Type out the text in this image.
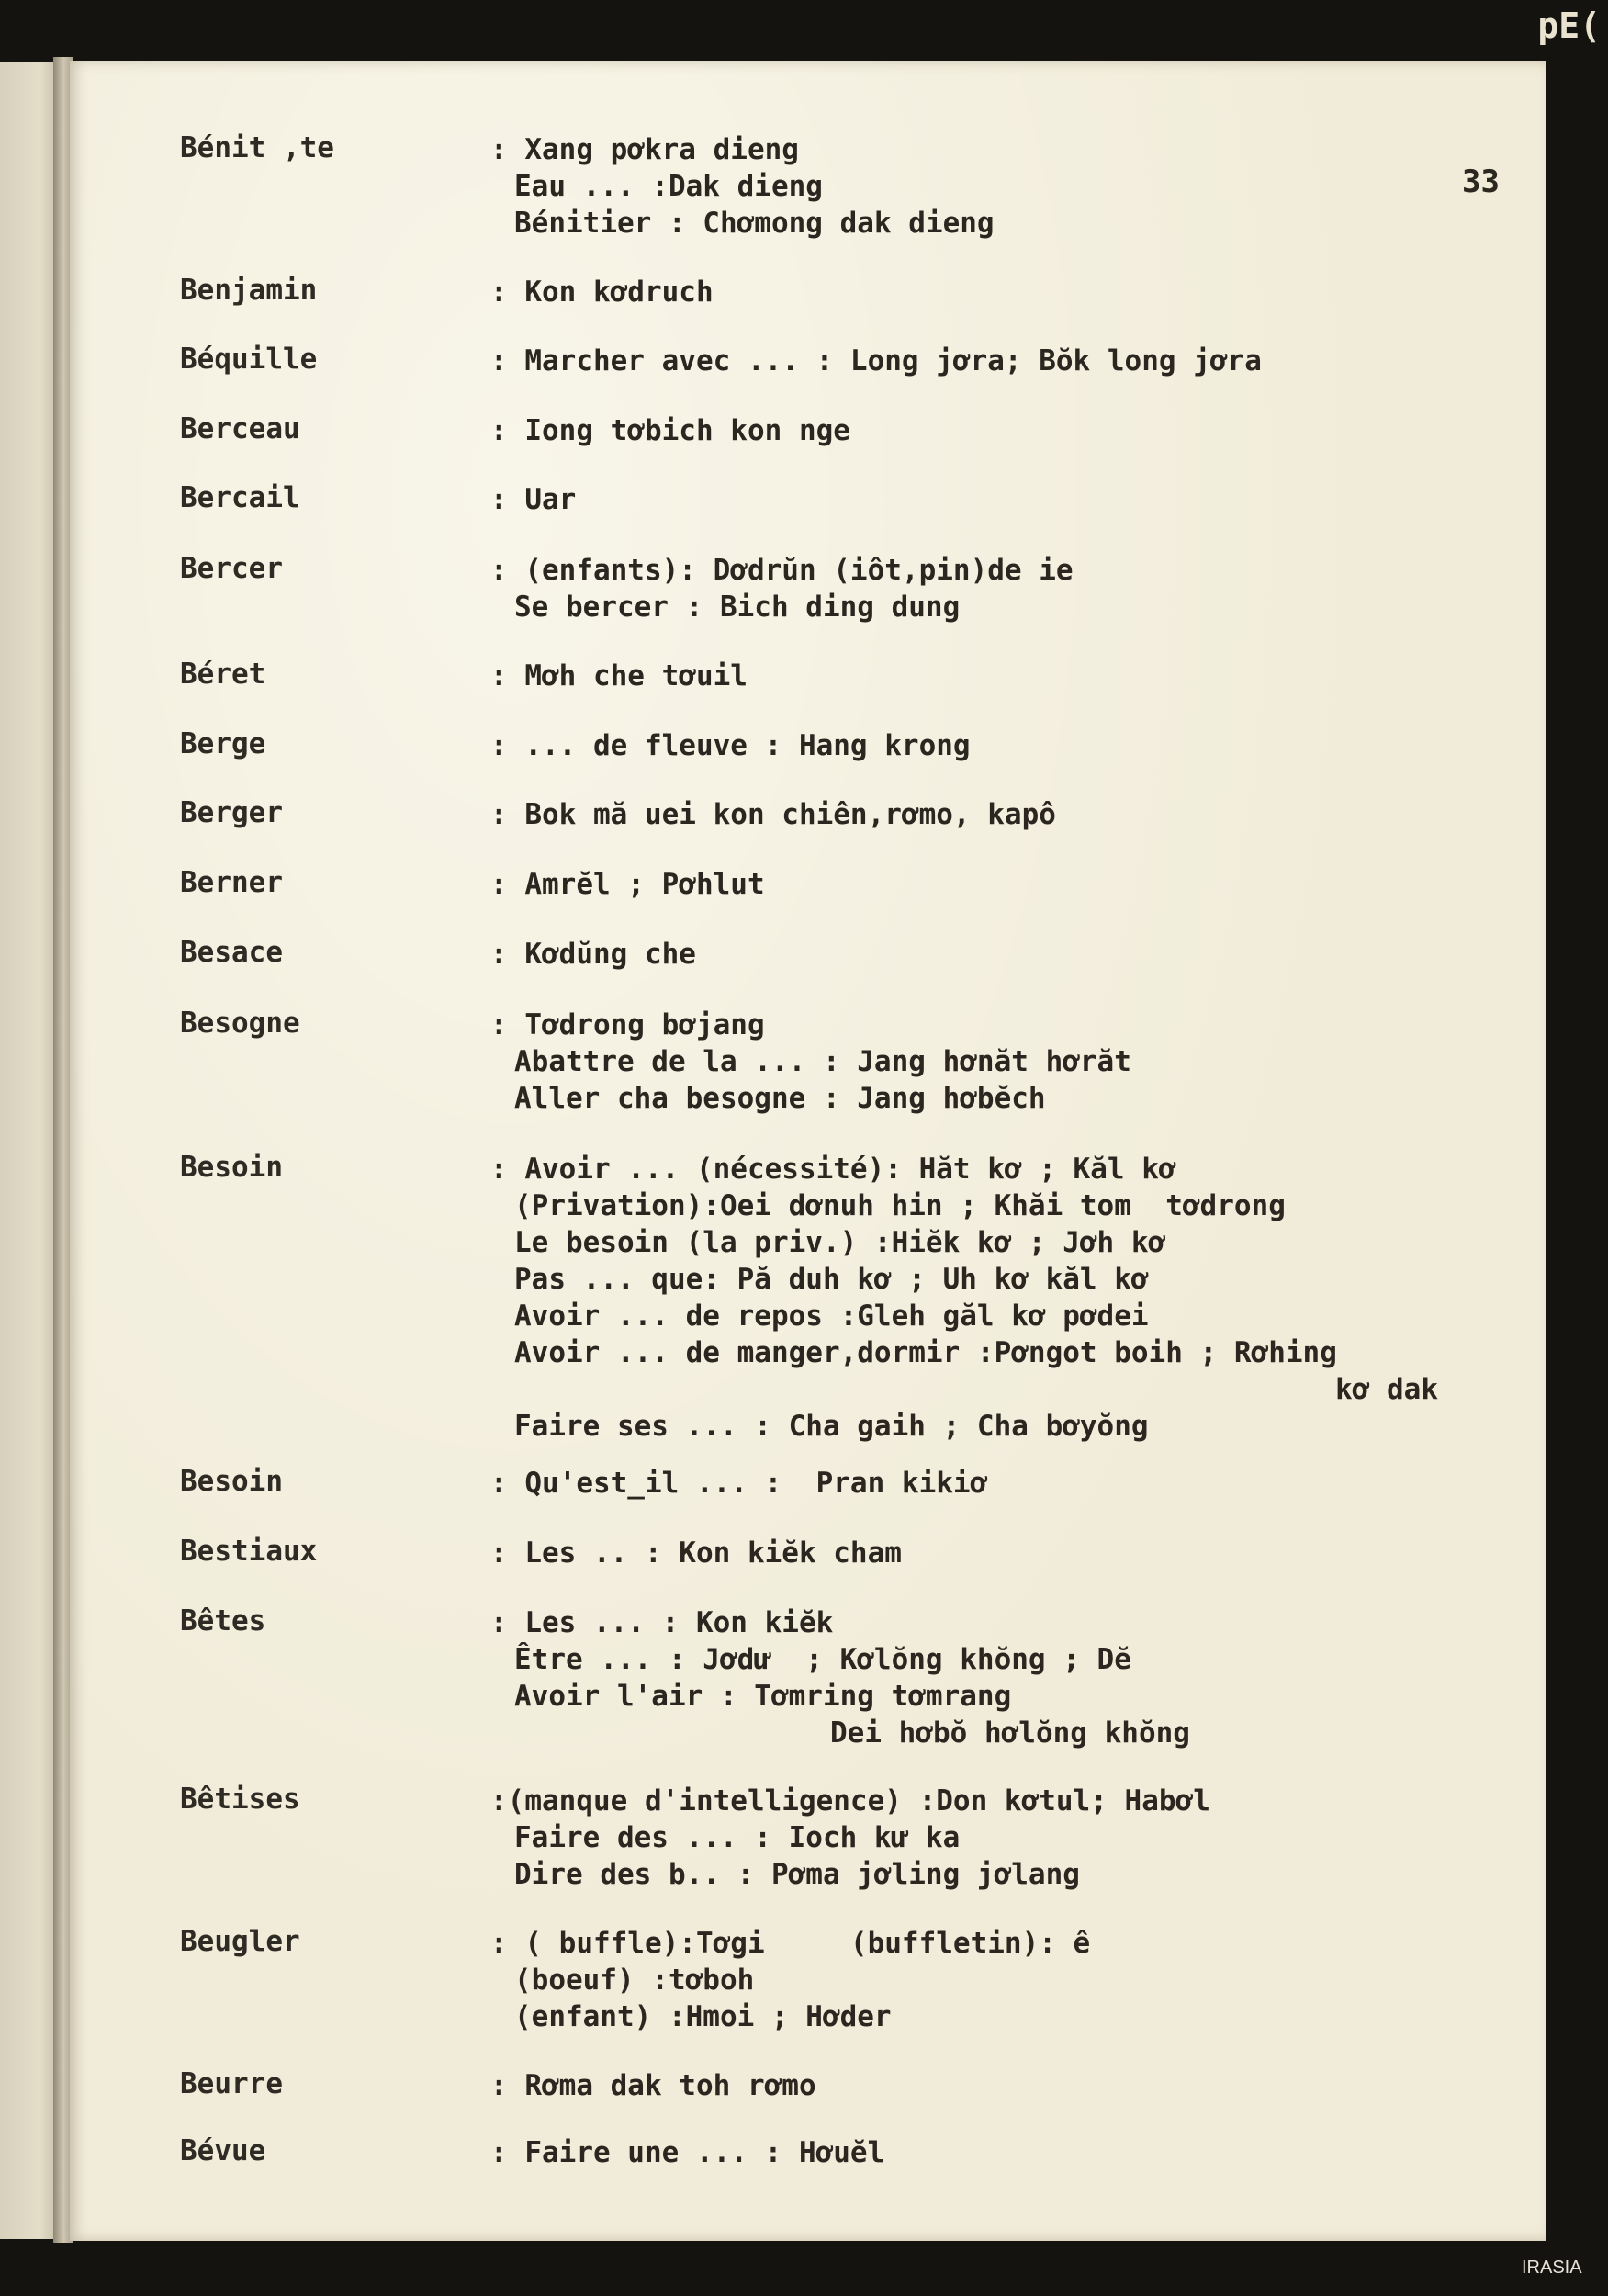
pE(
33
Bénit ,te	: Xang pơkra dieng
Eau ... :Dak dieng
Bénitier : Chơmong dak dieng
Benjamin	: Kon kơdruch
Béquille	: Marcher avec ... : Long jơra; Bŏk long jơra
Berceau	: Iong tơbich kon nge
Bercail	: Uar
Bercer	: (enfants): Dơdrŭn (iôt,pin)de ie
Se bercer : Bich ding dung
Béret	: Mơh che tơuil
Berge	: ... de fleuve : Hang krong
Berger	: Bok mă uei kon chiên,rơmo, kapô
Berner	: Amrĕl ; Pơhlut
Besace	: Kơdŭng che
Besogne	: Tơdrong bơjang
Abattre de la ... : Jang hơnăt hơrăt
Aller cha besogne : Jang hơbĕch
Besoin	: Avoir ... (nécessité): Hăt kơ ; Kăl kơ
(Privation):Oei dơnuh hin ; Khăi tom  tơdrong
Le besoin (la priv.) :Hiĕk kơ ; Jơh kơ
Pas ... que: Pă duh kơ ; Uh kơ kăl kơ
Avoir ... de repos :Gleh găl kơ pơdei
Avoir ... de manger,dormir :Pơngot boih ; Rơhing
kơ dak
Faire ses ... : Cha gaih ; Cha bơyŏng
Besoin	: Qu'est_il ... :  Pran kikiơ
Bestiaux	: Les .. : Kon kiĕk cham
Bêtes	: Les ... : Kon kiĕk
Être ... : Jơdư  ; Kơlŏng khŏng ; Dĕ
Avoir l'air : Tơmring tơmrang
Dei hơbŏ hơlŏng khŏng
Bêtises	:(manque d'intelligence) :Don kơtul; Habơl
Faire des ... : Ioch kư ka
Dire des b.. : Pơma jơling jơlang
Beugler	: ( buffle):Tơgi     (buffletin): ê
(boeuf) :tơboh
(enfant) :Hmoi ; Hơder
Beurre	: Rơma dak toh rơmo
Bévue	: Faire une ... : Hơuĕl
IRASIA
